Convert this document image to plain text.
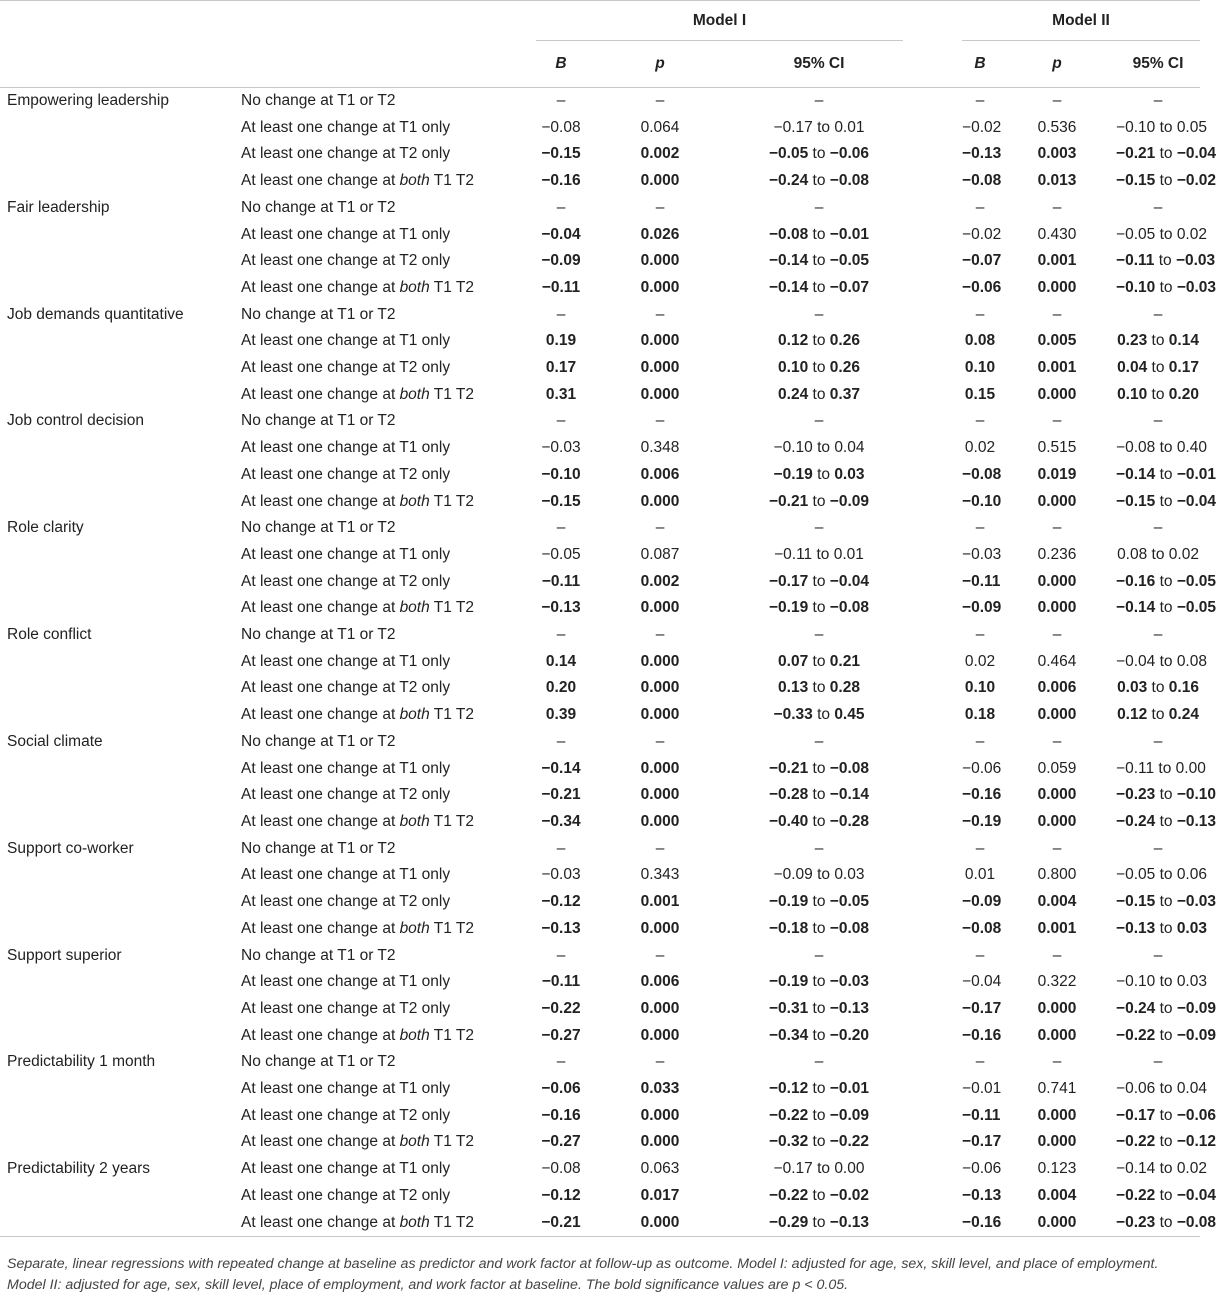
		Model I				Model II		

		B	p	95% CI		B	p	95% CI
Empowering leadership	No change at T1 or T2	–	–	–		–	–	–
	At least one change at T1 only	−0.08	0.064	−0.17 to 0.01		−0.02	0.536	−0.10 to 0.05
	At least one change at T2 only	−0.15	0.002	−0.05 to −0.06		−0.13	0.003	−0.21 to −0.04
	At least one change at both T1 T2	−0.16	0.000	−0.24 to −0.08		−0.08	0.013	−0.15 to −0.02
Fair leadership	No change at T1 or T2	–	–	–		–	–	–
	At least one change at T1 only	−0.04	0.026	−0.08 to −0.01		−0.02	0.430	−0.05 to 0.02
	At least one change at T2 only	−0.09	0.000	−0.14 to −0.05		−0.07	0.001	−0.11 to −0.03
	At least one change at both T1 T2	−0.11	0.000	−0.14 to −0.07		−0.06	0.000	−0.10 to −0.03
Job demands quantitative	No change at T1 or T2	–	–	–		–	–	–
	At least one change at T1 only	0.19	0.000	0.12 to 0.26		0.08	0.005	0.23 to 0.14
	At least one change at T2 only	0.17	0.000	0.10 to 0.26		0.10	0.001	0.04 to 0.17
	At least one change at both T1 T2	0.31	0.000	0.24 to 0.37		0.15	0.000	0.10 to 0.20
Job control decision	No change at T1 or T2	–	–	–		–	–	–
	At least one change at T1 only	−0.03	0.348	−0.10 to 0.04		0.02	0.515	−0.08 to 0.40
	At least one change at T2 only	−0.10	0.006	−0.19 to 0.03		−0.08	0.019	−0.14 to −0.01
	At least one change at both T1 T2	−0.15	0.000	−0.21 to −0.09		−0.10	0.000	−0.15 to −0.04
Role clarity	No change at T1 or T2	–	–	–		–	–	–
	At least one change at T1 only	−0.05	0.087	−0.11 to 0.01		−0.03	0.236	0.08 to 0.02
	At least one change at T2 only	−0.11	0.002	−0.17 to −0.04		−0.11	0.000	−0.16 to −0.05
	At least one change at both T1 T2	−0.13	0.000	−0.19 to −0.08		−0.09	0.000	−0.14 to −0.05
Role conflict	No change at T1 or T2	–	–	–		–	–	–
	At least one change at T1 only	0.14	0.000	0.07 to 0.21		0.02	0.464	−0.04 to 0.08
	At least one change at T2 only	0.20	0.000	0.13 to 0.28		0.10	0.006	0.03 to 0.16
	At least one change at both T1 T2	0.39	0.000	−0.33 to 0.45		0.18	0.000	0.12 to 0.24
Social climate	No change at T1 or T2	–	–	–		–	–	–
	At least one change at T1 only	−0.14	0.000	−0.21 to −0.08		−0.06	0.059	−0.11 to 0.00
	At least one change at T2 only	−0.21	0.000	−0.28 to −0.14		−0.16	0.000	−0.23 to −0.10
	At least one change at both T1 T2	−0.34	0.000	−0.40 to −0.28		−0.19	0.000	−0.24 to −0.13
Support co-worker	No change at T1 or T2	–	–	–		–	–	–
	At least one change at T1 only	−0.03	0.343	−0.09 to 0.03		0.01	0.800	−0.05 to 0.06
	At least one change at T2 only	−0.12	0.001	−0.19 to −0.05		−0.09	0.004	−0.15 to −0.03
	At least one change at both T1 T2	−0.13	0.000	−0.18 to −0.08		−0.08	0.001	−0.13 to 0.03
Support superior	No change at T1 or T2	–	–	–		–	–	–
	At least one change at T1 only	−0.11	0.006	−0.19 to −0.03		−0.04	0.322	−0.10 to 0.03
	At least one change at T2 only	−0.22	0.000	−0.31 to −0.13		−0.17	0.000	−0.24 to −0.09
	At least one change at both T1 T2	−0.27	0.000	−0.34 to −0.20		−0.16	0.000	−0.22 to −0.09
Predictability 1 month	No change at T1 or T2	–	–	–		–	–	–
	At least one change at T1 only	−0.06	0.033	−0.12 to −0.01		−0.01	0.741	−0.06 to 0.04
	At least one change at T2 only	−0.16	0.000	−0.22 to −0.09		−0.11	0.000	−0.17 to −0.06
	At least one change at both T1 T2	−0.27	0.000	−0.32 to −0.22		−0.17	0.000	−0.22 to −0.12
Predictability 2 years	At least one change at T1 only	−0.08	0.063	−0.17 to 0.00		−0.06	0.123	−0.14 to 0.02
	At least one change at T2 only	−0.12	0.017	−0.22 to −0.02		−0.13	0.004	−0.22 to −0.04
	At least one change at both T1 T2	−0.21	0.000	−0.29 to −0.13		−0.16	0.000	−0.23 to −0.08
Separate, linear regressions with repeated change at baseline as predictor and work factor at follow-up as outcome. Model I: adjusted for age, sex, skill level, and place of employment. Model II: adjusted for age, sex, skill level, place of employment, and work factor at baseline. The bold significance values are p < 0.05.
